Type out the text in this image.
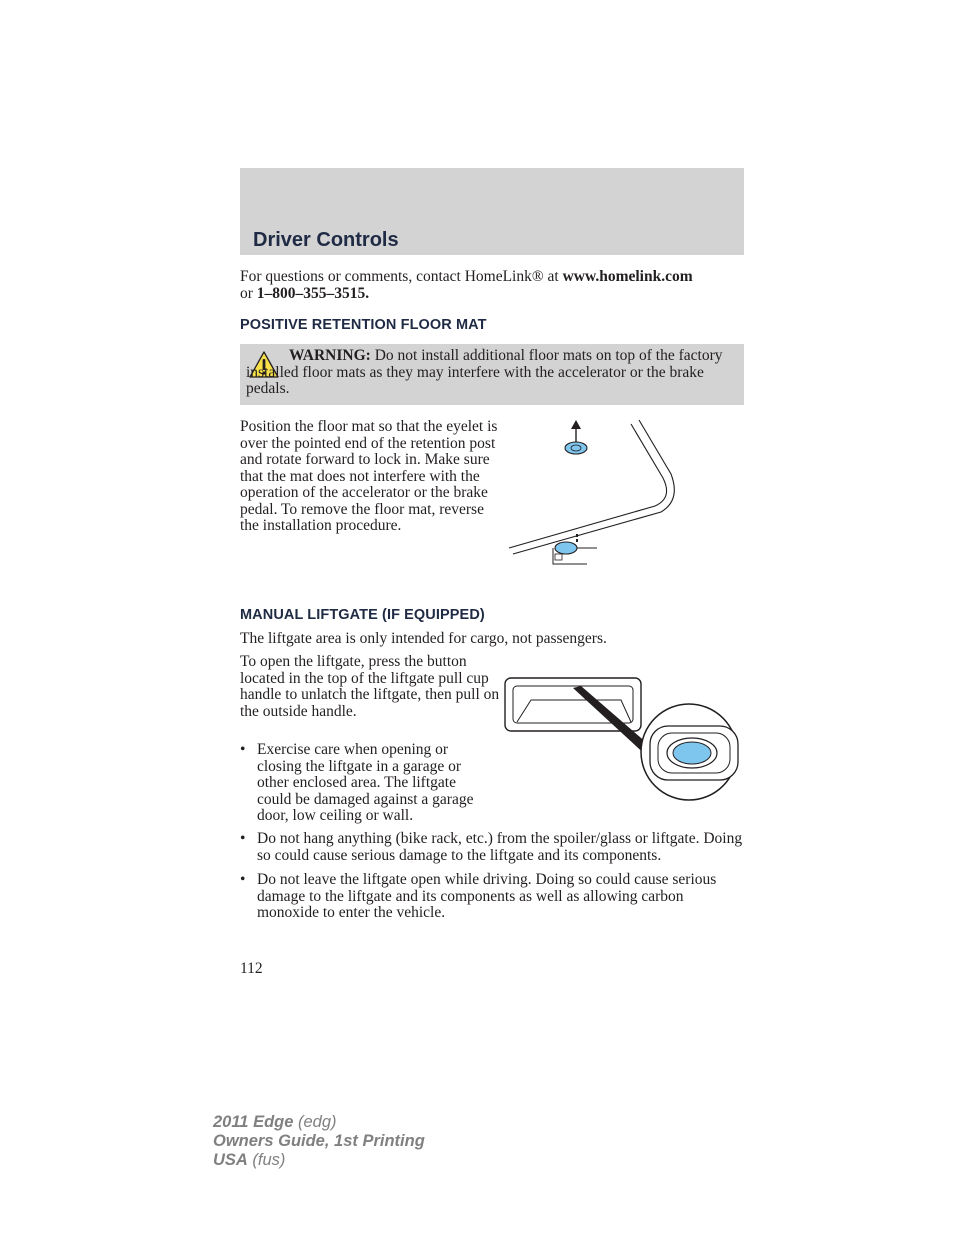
Driver Controls
For questions or comments, contact HomeLink® at www.homelink.com
or 1–800–355–3515.
POSITIVE RETENTION FLOOR MAT
WARNING: Do not install additional floor mats on top of the factory installed floor mats as they may interfere with the accelerator or the brake pedals.
Position the floor mat so that the eyelet is over the pointed end of the retention post and rotate forward to lock in. Make sure that the mat does not interfere with the operation of the accelerator or the brake pedal. To remove the floor mat, reverse the installation procedure.
MANUAL LIFTGATE (IF EQUIPPED)
The liftgate area is only intended for cargo, not passengers.
To open the liftgate, press the button located in the top of the liftgate pull cup handle to unlatch the liftgate, then pull on the outside handle.
• Exercise care when opening or closing the liftgate in a garage or other enclosed area. The liftgate could be damaged against a garage door, low ceiling or wall.
• Do not hang anything (bike rack, etc.) from the spoiler/glass or liftgate. Doing so could cause serious damage to the liftgate and its components.
• Do not leave the liftgate open while driving. Doing so could cause serious damage to the liftgate and its components as well as allowing carbon monoxide to enter the vehicle.
112
2011 Edge (edg)
Owners Guide, 1st Printing
USA (fus)
